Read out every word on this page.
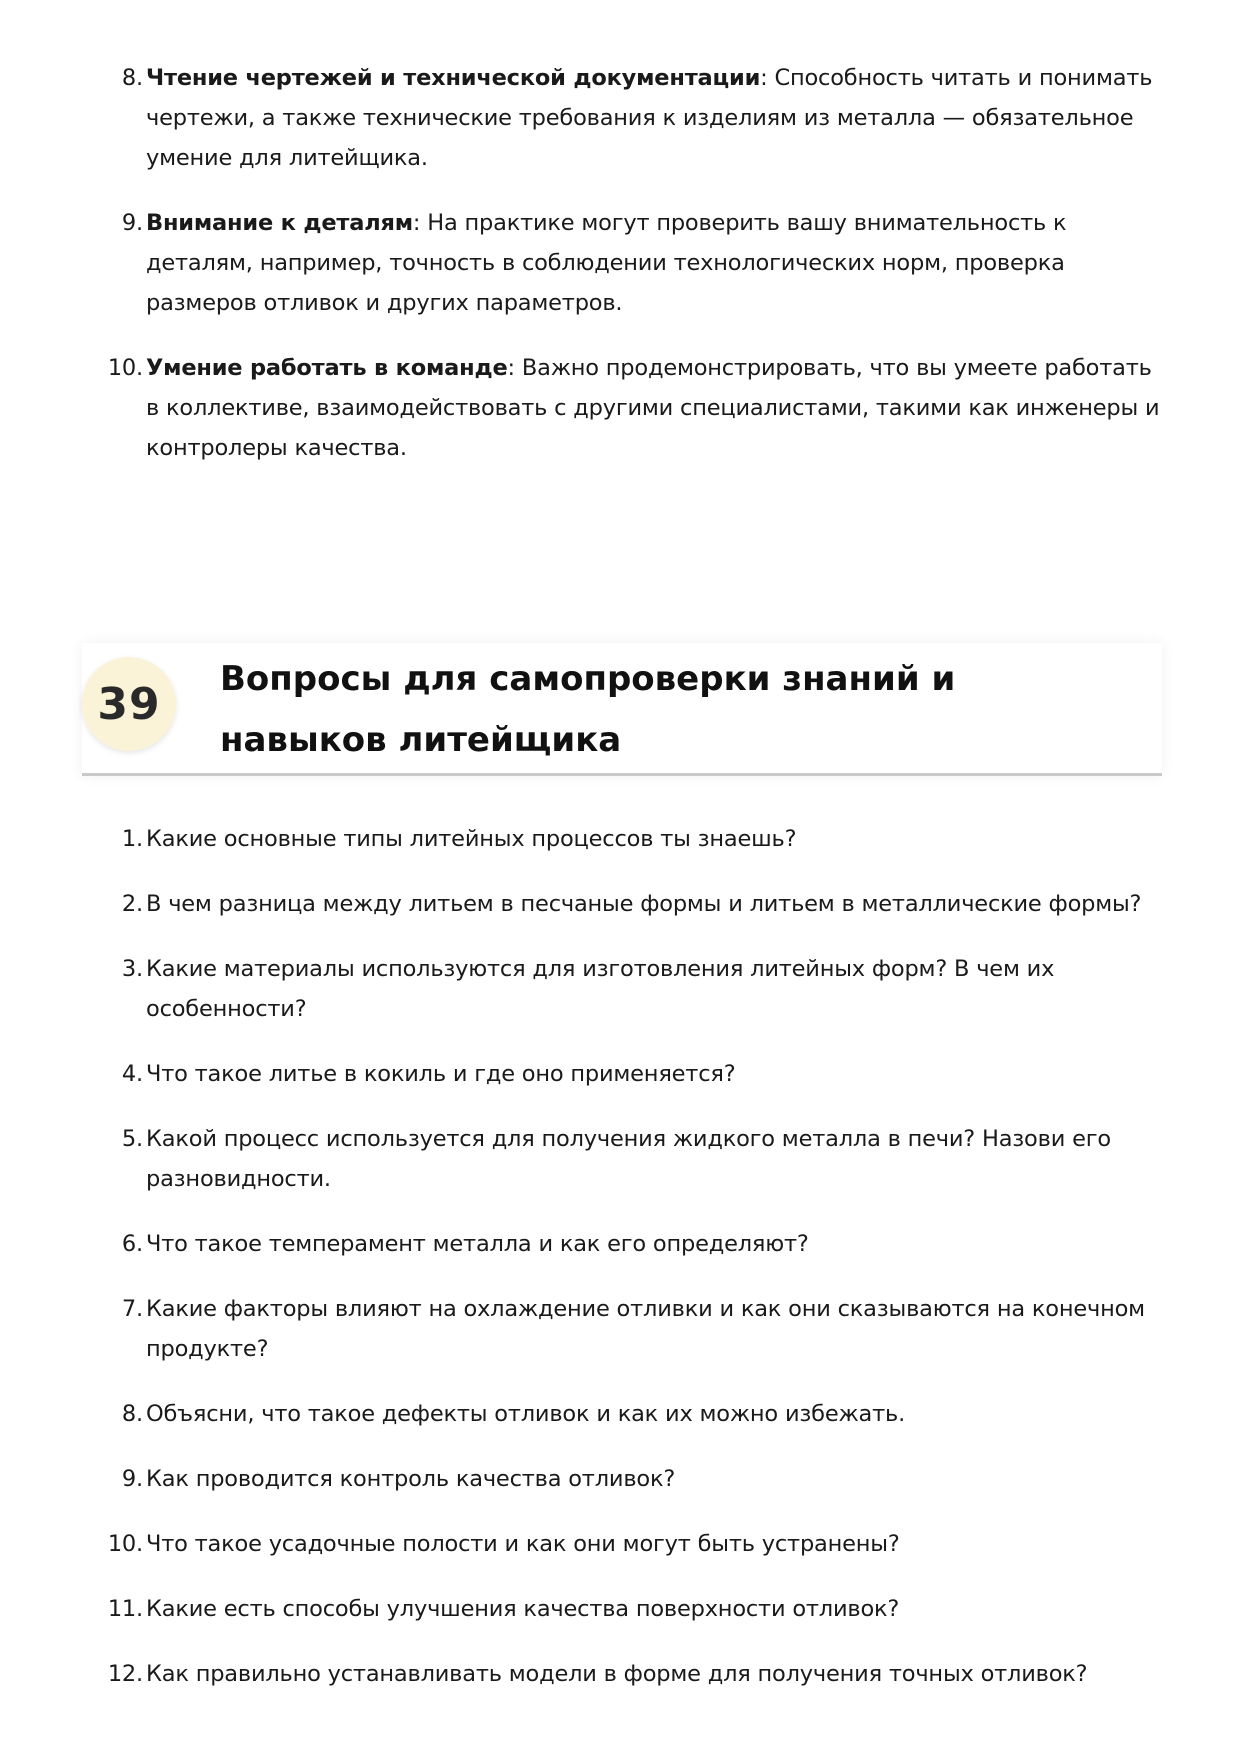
8. Чтение чертежей и технической документации: Способность читать и понимать чертежи, а также технические требования к изделиям из металла — обязательное умение для литейщика.
9. Внимание к деталям: На практике могут проверить вашу внимательность к деталям, например, точность в соблюдении технологических норм, проверка размеров отливок и других параметров.
10. Умение работать в команде: Важно продемонстрировать, что вы умеете работать в коллективе, взаимодействовать с другими специалистами, такими как инженеры и контролеры качества.
39	Вопросы для самопроверки знаний и навыков литейщика
1. Какие основные типы литейных процессов ты знаешь?
2. В чем разница между литьем в песчаные формы и литьем в металлические формы?
3. Какие материалы используются для изготовления литейных форм? В чем их особенности?
4. Что такое литье в кокиль и где оно применяется?
5. Какой процесс используется для получения жидкого металла в печи? Назови его разновидности.
6. Что такое темперамент металла и как его определяют?
7. Какие факторы влияют на охлаждение отливки и как они сказываются на конечном продукте?
8. Объясни, что такое дефекты отливок и как их можно избежать.
9. Как проводится контроль качества отливок?
10. Что такое усадочные полости и как они могут быть устранены?
11. Какие есть способы улучшения качества поверхности отливок?
12. Как правильно устанавливать модели в форме для получения точных отливок?
